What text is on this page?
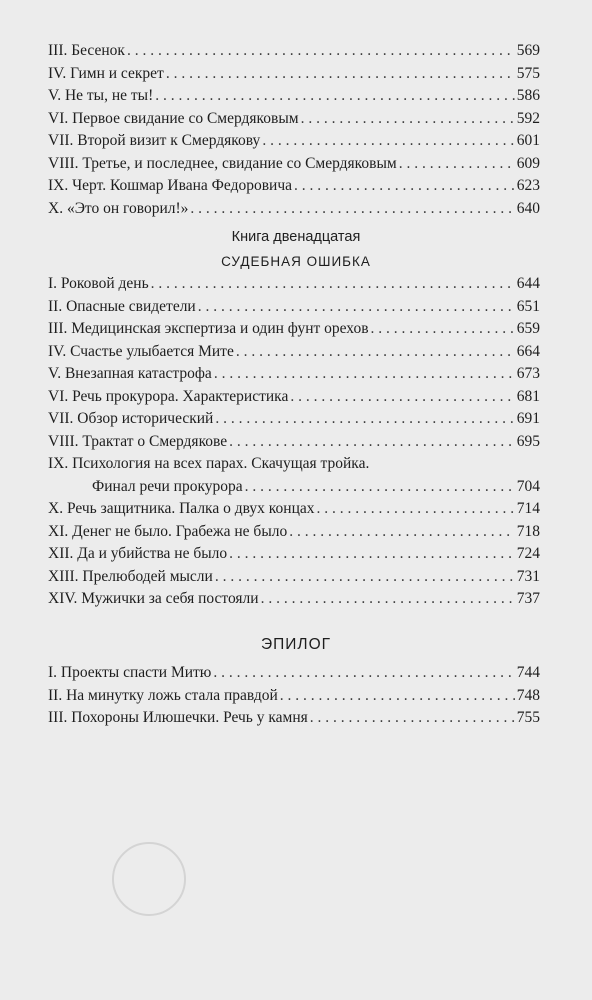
III. Бесенок . . .	569
IV. Гимн и секрет . . .	575
V. Не ты, не ты! . . .	586
VI. Первое свидание со Смердяковым . . .	592
VII. Второй визит к Смердякову . . .	601
VIII. Третье, и последнее, свидание со Смердяковым . . .	609
IX. Черт. Кошмар Ивана Федоровича . . .	623
X. «Это он говорил!» . . .	640
Книга двенадцатая
СУДЕБНАЯ ОШИБКА
I. Роковой день . . .	644
II. Опасные свидетели . . .	651
III. Медицинская экспертиза и один фунт орехов . . .	659
IV. Счастье улыбается Мите . . .	664
V. Внезапная катастрофа . . .	673
VI. Речь прокурора. Характеристика . . .	681
VII. Обзор исторический . . .	691
VIII. Трактат о Смердякове . . .	695
IX. Психология на всех парах. Скачущая тройка.
Финал речи прокурора . . .	704
X. Речь защитника. Палка о двух концах . . .	714
XI. Денег не было. Грабежа не было . . .	718
XII. Да и убийства не было . . .	724
XIII. Прелюбодей мысли . . .	731
XIV. Мужички за себя постояли . . .	737
ЭПИЛОГ
I. Проекты спасти Митю . . .	744
II. На минутку ложь стала правдой . . .	748
III. Похороны Илюшечки. Речь у камня . . .	755
